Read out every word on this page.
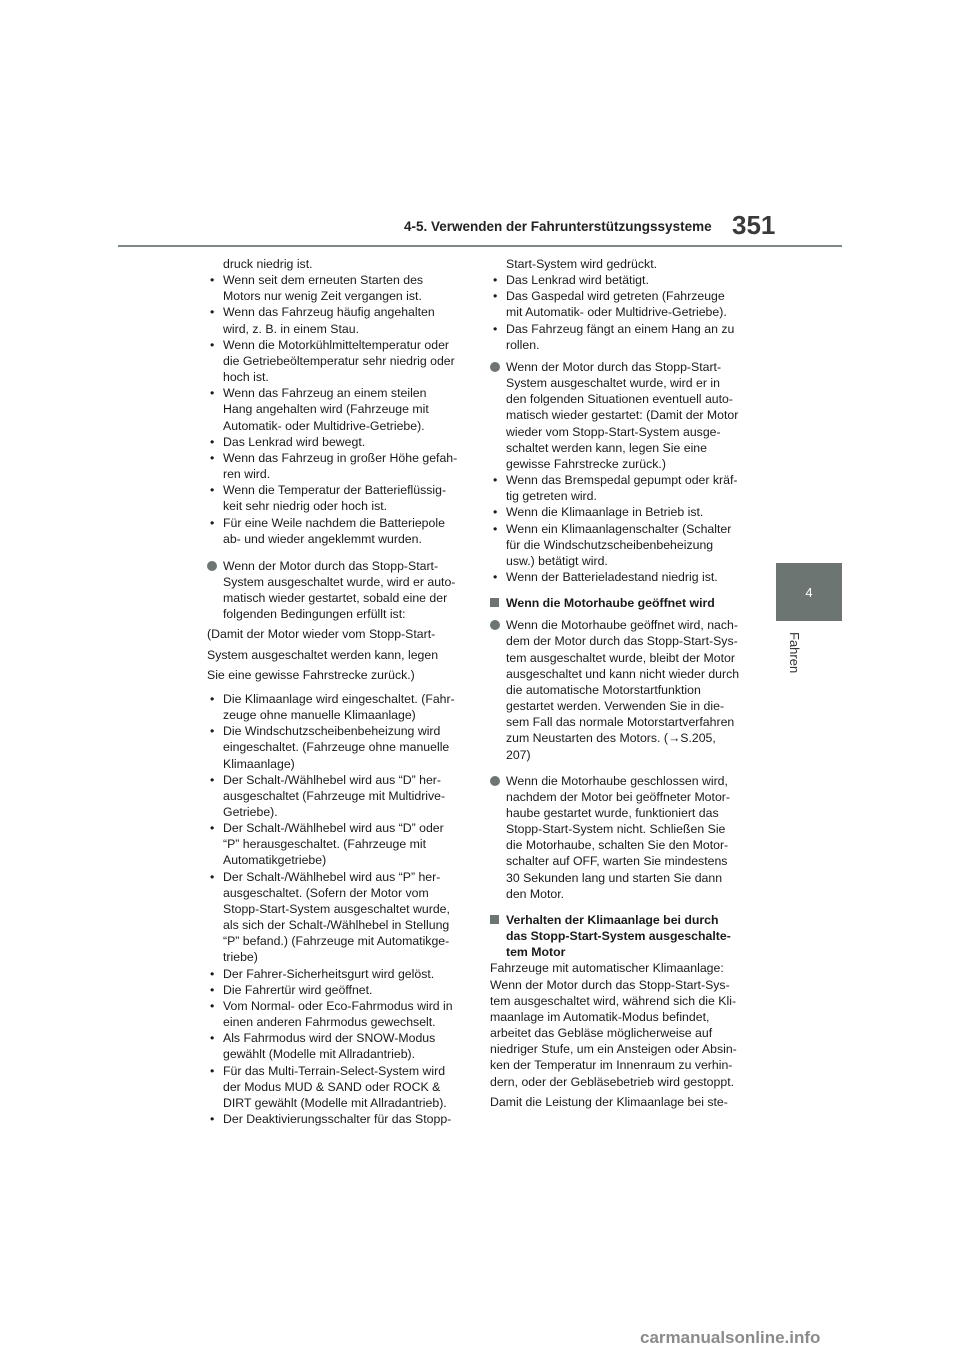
351
4-5. Verwenden der Fahrunterstützungssysteme
4
Fahren
druck niedrig ist.
• Wenn seit dem erneuten Starten des
Motors nur wenig Zeit vergangen ist.
• Wenn das Fahrzeug häufig angehalten
wird, z. B. in einem Stau.
• Wenn die Motorkühlmitteltemperatur oder
die Getriebeöltemperatur sehr niedrig oder
hoch ist.
• Wenn das Fahrzeug an einem steilen
Hang angehalten wird (Fahrzeuge mit
Automatik- oder Multidrive-Getriebe).
• Das Lenkrad wird bewegt.
• Wenn das Fahrzeug in großer Höhe gefah-
ren wird.
• Wenn die Temperatur der Batterieflüssig-
keit sehr niedrig oder hoch ist.
• Für eine Weile nachdem die Batteriepole
ab- und wieder angeklemmt wurden.
Wenn der Motor durch das Stopp-Start-
System ausgeschaltet wurde, wird er auto-
matisch wieder gestartet, sobald eine der
folgenden Bedingungen erfüllt ist:
(Damit der Motor wieder vom Stopp-Start-
System ausgeschaltet werden kann, legen
Sie eine gewisse Fahrstrecke zurück.)
• Die Klimaanlage wird eingeschaltet. (Fahr-
zeuge ohne manuelle Klimaanlage)
• Die Windschutzscheibenbeheizung wird
eingeschaltet. (Fahrzeuge ohne manuelle
Klimaanlage)
• Der Schalt-/Wählhebel wird aus “D” her-
ausgeschaltet (Fahrzeuge mit Multidrive-
Getriebe).
• Der Schalt-/Wählhebel wird aus “D” oder
“P” herausgeschaltet. (Fahrzeuge mit
Automatikgetriebe)
• Der Schalt-/Wählhebel wird aus “P” her-
ausgeschaltet. (Sofern der Motor vom
Stopp-Start-System ausgeschaltet wurde,
als sich der Schalt-/Wählhebel in Stellung
“P” befand.) (Fahrzeuge mit Automatikge-
triebe)
• Der Fahrer-Sicherheitsgurt wird gelöst.
• Die Fahrertür wird geöffnet.
• Vom Normal- oder Eco-Fahrmodus wird in
einen anderen Fahrmodus gewechselt.
• Als Fahrmodus wird der SNOW-Modus
gewählt (Modelle mit Allradantrieb).
• Für das Multi-Terrain-Select-System wird
der Modus MUD & SAND oder ROCK &
DIRT gewählt (Modelle mit Allradantrieb).
• Der Deaktivierungsschalter für das Stopp-
Start-System wird gedrückt.
• Das Lenkrad wird betätigt.
• Das Gaspedal wird getreten (Fahrzeuge
mit Automatik- oder Multidrive-Getriebe).
• Das Fahrzeug fängt an einem Hang an zu
rollen.
Wenn der Motor durch das Stopp-Start-
System ausgeschaltet wurde, wird er in
den folgenden Situationen eventuell auto-
matisch wieder gestartet: (Damit der Motor
wieder vom Stopp-Start-System ausge-
schaltet werden kann, legen Sie eine
gewisse Fahrstrecke zurück.)
• Wenn das Bremspedal gepumpt oder kräf-
tig getreten wird.
• Wenn die Klimaanlage in Betrieb ist.
• Wenn ein Klimaanlagenschalter (Schalter
für die Windschutzscheibenbeheizung
usw.) betätigt wird.
• Wenn der Batterieladestand niedrig ist.
Wenn die Motorhaube geöffnet wird
Wenn die Motorhaube geöffnet wird, nach-
dem der Motor durch das Stopp-Start-Sys-
tem ausgeschaltet wurde, bleibt der Motor
ausgeschaltet und kann nicht wieder durch
die automatische Motorstartfunktion
gestartet werden. Verwenden Sie in die-
sem Fall das normale Motorstartverfahren
zum Neustarten des Motors. (→S.205,
207)
Wenn die Motorhaube geschlossen wird,
nachdem der Motor bei geöffneter Motor-
haube gestartet wurde, funktioniert das
Stopp-Start-System nicht. Schließen Sie
die Motorhaube, schalten Sie den Motor-
schalter auf OFF, warten Sie mindestens
30 Sekunden lang und starten Sie dann
den Motor.
Verhalten der Klimaanlage bei durch
das Stopp-Start-System ausgeschalte-
tem Motor
Fahrzeuge mit automatischer Klimaanlage:
Wenn der Motor durch das Stopp-Start-Sys-
tem ausgeschaltet wird, während sich die Kli-
maanlage im Automatik-Modus befindet,
arbeitet das Gebläse möglicherweise auf
niedriger Stufe, um ein Ansteigen oder Absin-
ken der Temperatur im Innenraum zu verhin-
dern, oder der Gebläsebetrieb wird gestoppt.
Damit die Leistung der Klimaanlage bei ste-
carmanualsonline.info
